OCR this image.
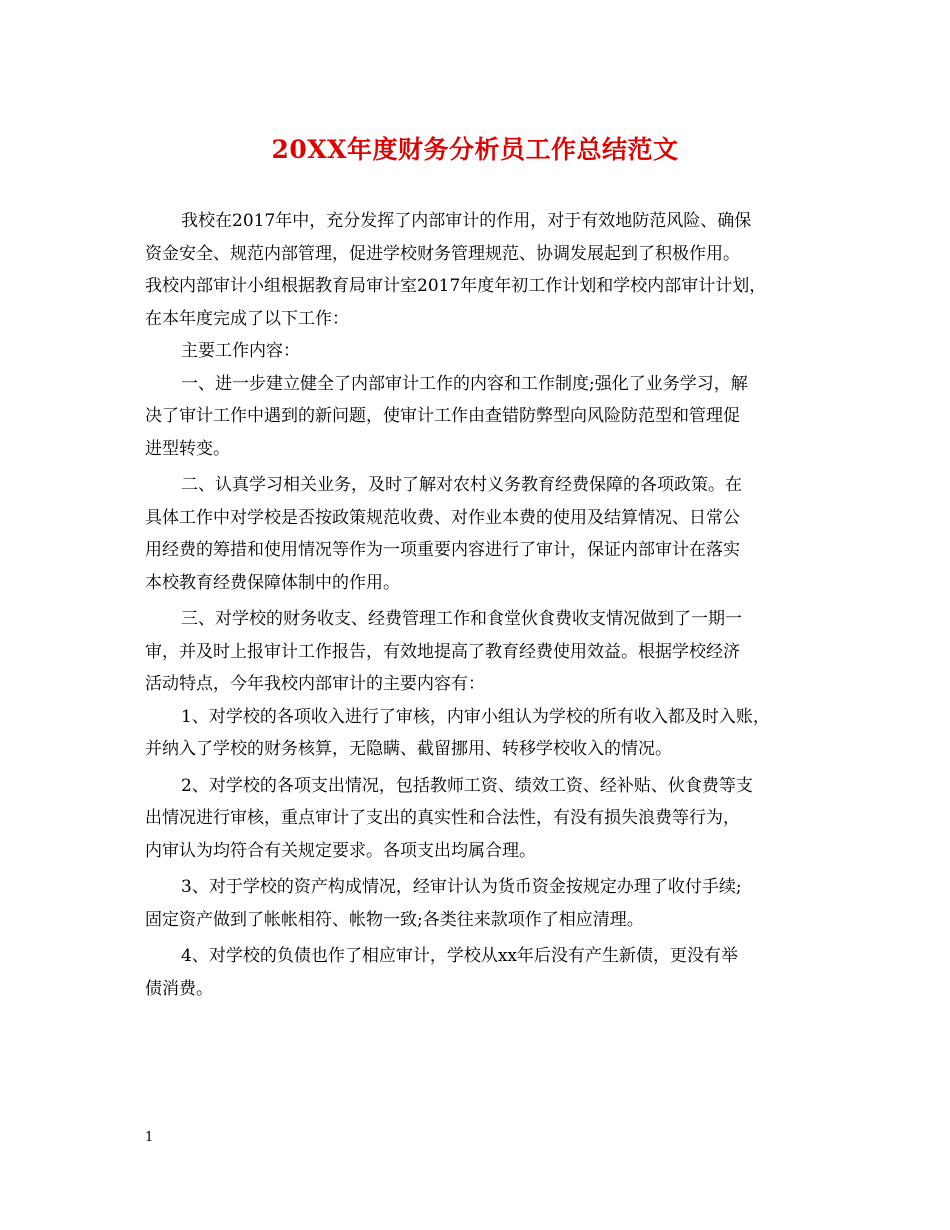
20XX年度财务分析员工作总结范文
我校在2017年中，充分发挥了内部审计的作用，对于有效地防范风险、确保
资金安全、规范内部管理，促进学校财务管理规范、协调发展起到了积极作用。
我校内部审计小组根据教育局审计室2017年度年初工作计划和学校内部审计计划，
在本年度完成了以下工作：
主要工作内容：
一、进一步建立健全了内部审计工作的内容和工作制度;强化了业务学习，解
决了审计工作中遇到的新问题，使审计工作由查错防弊型向风险防范型和管理促
进型转变。
二、认真学习相关业务，及时了解对农村义务教育经费保障的各项政策。在
具体工作中对学校是否按政策规范收费、对作业本费的使用及结算情况、日常公
用经费的筹措和使用情况等作为一项重要内容进行了审计，保证内部审计在落实
本校教育经费保障体制中的作用。
三、对学校的财务收支、经费管理工作和食堂伙食费收支情况做到了一期一
审，并及时上报审计工作报告，有效地提高了教育经费使用效益。根据学校经济
活动特点，今年我校内部审计的主要内容有：
1、对学校的各项收入进行了审核，内审小组认为学校的所有收入都及时入账，
并纳入了学校的财务核算，无隐瞒、截留挪用、转移学校收入的情况。
2、对学校的各项支出情况，包括教师工资、绩效工资、经补贴、伙食费等支
出情况进行审核，重点审计了支出的真实性和合法性，有没有损失浪费等行为，
内审认为均符合有关规定要求。各项支出均属合理。
3、对于学校的资产构成情况，经审计认为货币资金按规定办理了收付手续;
固定资产做到了帐帐相符、帐物一致;各类往来款项作了相应清理。
4、对学校的负债也作了相应审计，学校从xx年后没有产生新债，更没有举
债消费。
1
